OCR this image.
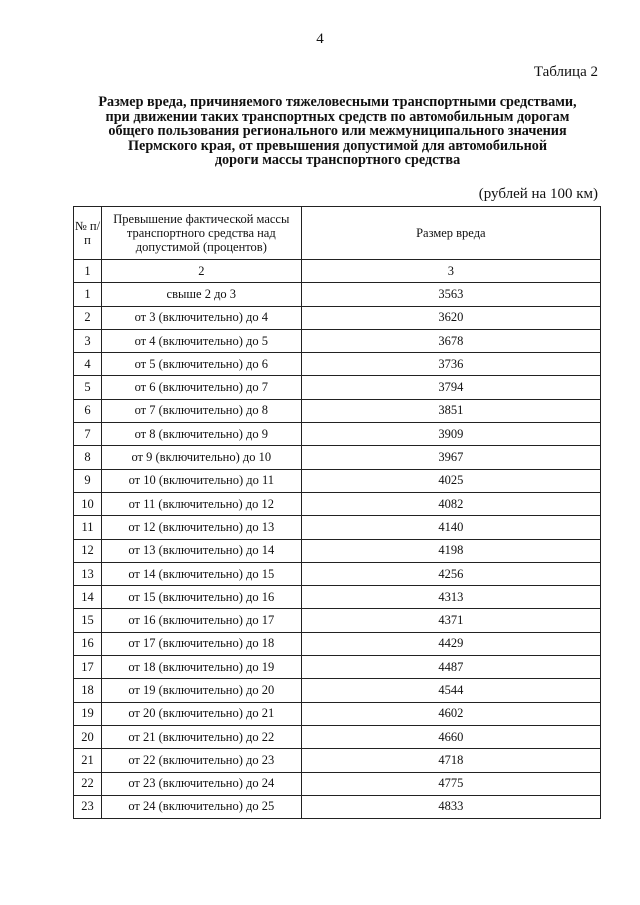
4
Таблица 2
Размер вреда, причиняемого тяжеловесными транспортными средствами,
при движении таких транспортных средств по автомобильным дорогам
общего пользования регионального или межмуниципального значения
Пермского края, от превышения допустимой для автомобильной
дороги массы транспортного средства
(рублей на 100 км)
№ п/п	Превышение фактической массы транспортного средства над допустимой (процентов)	Размер вреда
1	2	3
1	свыше 2 до 3	3563
2	от 3 (включительно) до 4	3620
3	от 4 (включительно) до 5	3678
4	от 5 (включительно) до 6	3736
5	от 6 (включительно) до 7	3794
6	от 7 (включительно) до 8	3851
7	от 8 (включительно) до 9	3909
8	от 9 (включительно) до 10	3967
9	от 10 (включительно) до 11	4025
10	от 11 (включительно) до 12	4082
11	от 12 (включительно) до 13	4140
12	от 13 (включительно) до 14	4198
13	от 14 (включительно) до 15	4256
14	от 15 (включительно) до 16	4313
15	от 16 (включительно) до 17	4371
16	от 17 (включительно) до 18	4429
17	от 18 (включительно) до 19	4487
18	от 19 (включительно) до 20	4544
19	от 20 (включительно) до 21	4602
20	от 21 (включительно) до 22	4660
21	от 22 (включительно) до 23	4718
22	от 23 (включительно) до 24	4775
23	от 24 (включительно) до 25	4833
